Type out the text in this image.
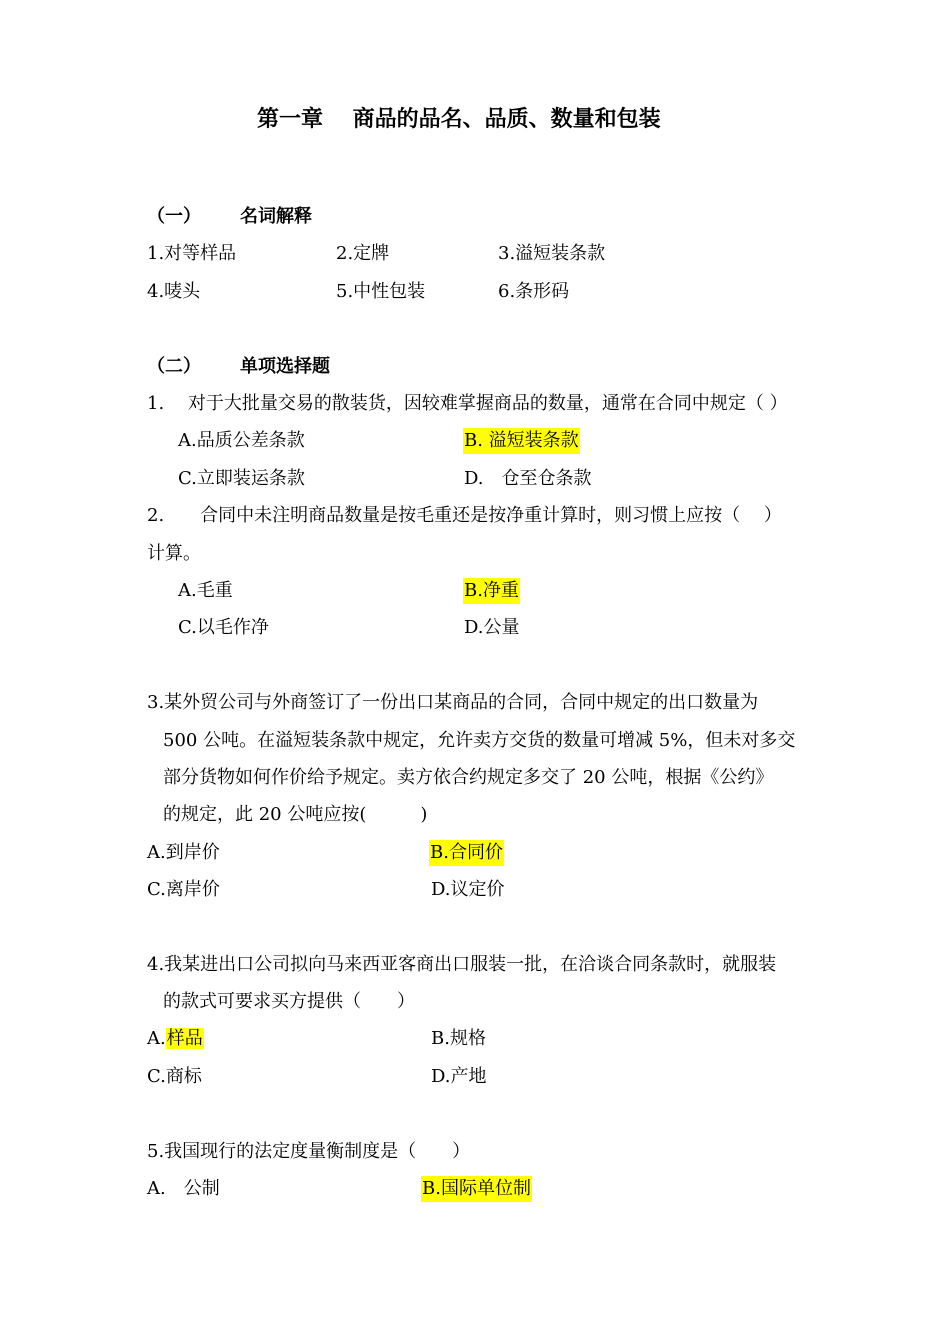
第一章　 商品的品名、品质、数量和包装
（一） 名词解释
1.对等样品	2.定牌	3.溢短装条款
4.唛头	5.中性包装	6.条形码
（二） 单项选择题
1.　 对于大批量交易的散装货，因较难掌握商品的数量，通常在合同中规定（ ）
A.品质公差条款	B. 溢短装条款
C.立即装运条款	D.　仓至仓条款
2.　　合同中未注明商品数量是按毛重还是按净重计算时，则习惯上应按（　 ）
计算。
A.毛重	B.净重
C.以毛作净	D.公量
3.某外贸公司与外商签订了一份出口某商品的合同，合同中规定的出口数量为
500 公吨。在溢短装条款中规定，允许卖方交货的数量可增减 5%，但未对多交
部分货物如何作价给予规定。卖方依合约规定多交了 20 公吨，根据《公约》
的规定，此 20 公吨应按(　　　)
A.到岸价	B.合同价
C.离岸价	D.议定价
4.我某进出口公司拟向马来西亚客商出口服装一批，在洽谈合同条款时，就服装
的款式可要求买方提供（　　）
A.样品	B.规格
C.商标	D.产地
5.我国现行的法定度量衡制度是（　　）
A.　公制	B.国际单位制
